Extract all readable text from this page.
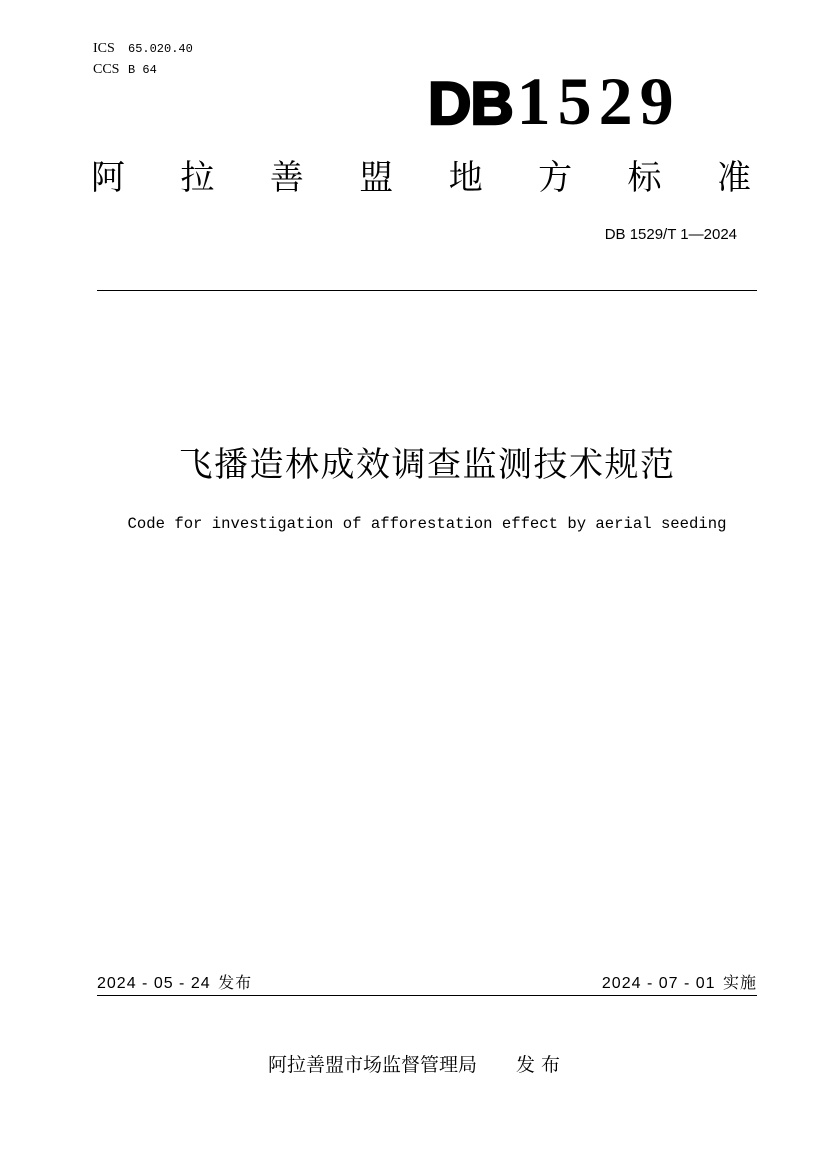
ICS 65.020.40
CCS B 64	DB1529
阿 拉 善 盟 地 方 标 准
DB 1529/T 1—2024
飞播造林成效调查监测技术规范
Code for investigation of afforestation effect by aerial seeding
2024 - 05 - 24 发布	2024 - 07 - 01 实施
阿拉善盟市场监督管理局 发 布
